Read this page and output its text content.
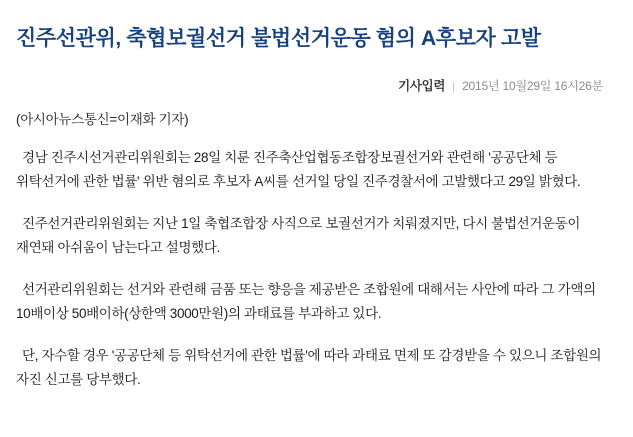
진주선관위, 축협보궐선거 불법선거운동 혐의 A후보자 고발
기사입력 | 2015년 10월29일 16시26분
(아시아뉴스통신=이재화 기자)

경남 진주시선거관리위원회는 28일 치룬 진주축산업협동조합장보궐선거와 관련해 '공공단체 등 위탁선거에 관한 법률' 위반 혐의로 후보자 A씨를 선거일 당일 진주경찰서에 고발했다고 29일 밝혔다.

진주선거관리위원회는 지난 1일 축협조합장 사직으로 보궐선거가 치뤄졌지만, 다시 불법선거운동이 재연돼 아쉬움이 남는다고 설명했다.

선거관리위원회는 선거와 관련해 금품 또는 향응을 제공받은 조합원에 대해서는 사안에 따라 그 가액의 10배이상 50배이하(상한액 3000만원)의 과태료를 부과하고 있다.

단, 자수할 경우 '공공단체 등 위탁선거에 관한 법률'에 따라 과태료 면제 또 감경받을 수 있으니 조합원의 자진 신고를 당부했다.
